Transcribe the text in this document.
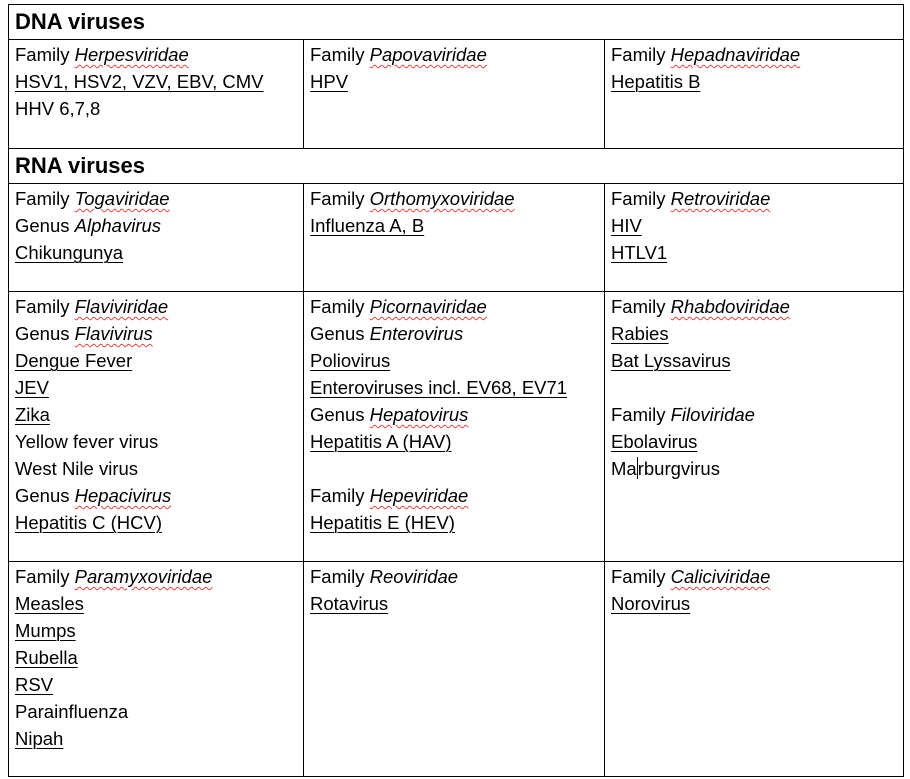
DNA viruses
Family Herpesviridae
HSV1, HSV2, VZV, EBV, CMV
HHV 6,7,8
Family Papovaviridae
HPV
Family Hepadnaviridae
Hepatitis B
RNA viruses
Family Togaviridae
Genus Alphavirus
Chikungunya
Family Orthomyxoviridae
Influenza A, B
Family Retroviridae
HIV
HTLV1
Family Flaviviridae
Genus Flavivirus
Dengue Fever
JEV
Zika
Yellow fever virus
West Nile virus
Genus Hepacivirus
Hepatitis C (HCV)
Family Picornaviridae
Genus Enterovirus
Poliovirus
Enteroviruses incl. EV68, EV71
Genus Hepatovirus
Hepatitis A (HAV)
Family Hepeviridae
Hepatitis E (HEV)
Family Rhabdoviridae
Rabies
Bat Lyssavirus
Family Filoviridae
Ebolavirus
Marburgvirus
Family Paramyxoviridae
Measles
Mumps
Rubella
RSV
Parainfluenza
Nipah
Family Reoviridae
Rotavirus
Family Caliciviridae
Norovirus
